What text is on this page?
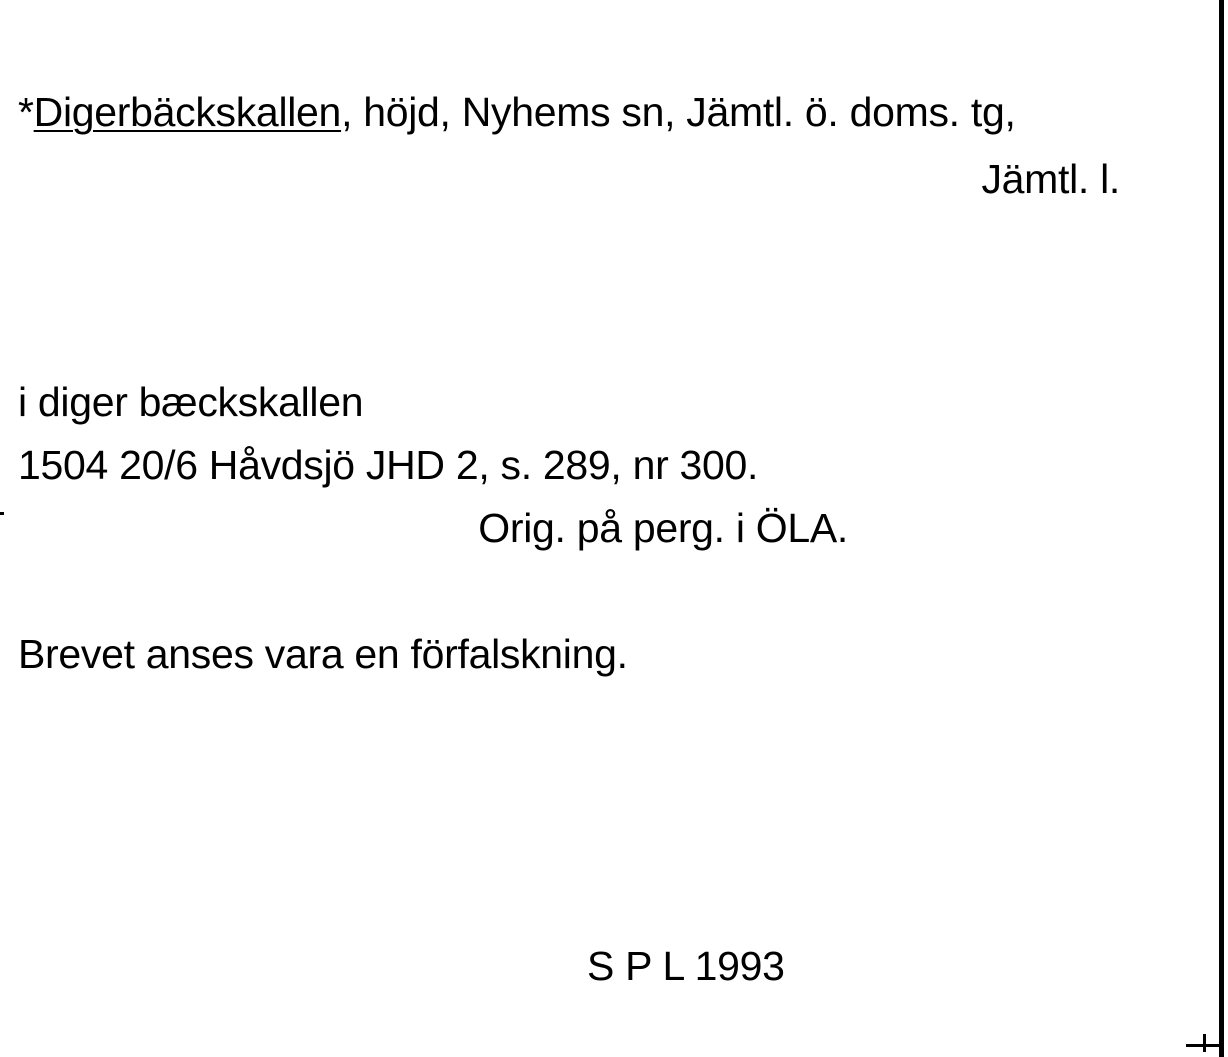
*Digerbäckskallen, höjd, Nyhems sn, Jämtl. ö. doms. tg,
Jämtl. l.
i diger bæckskallen
1504 20/6 Håvdsjö JHD 2, s. 289, nr 300.
Orig. på perg. i ÖLA.
Brevet anses vara en förfalskning.
S P L 1993
